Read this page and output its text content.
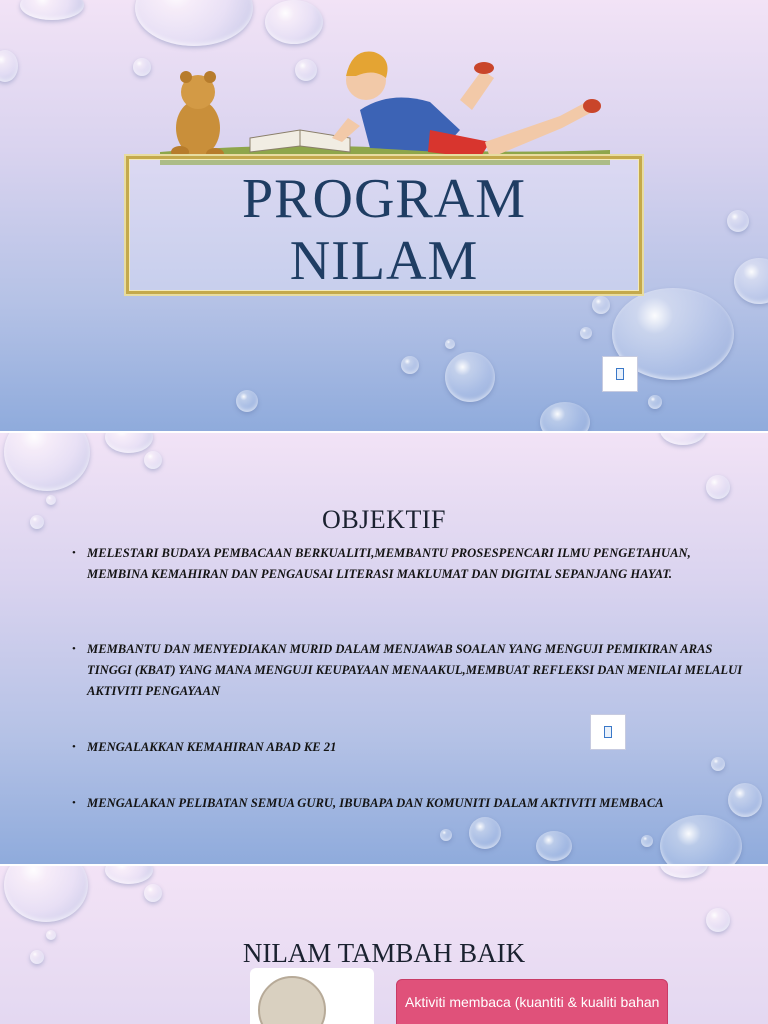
PROGRAM
NILAM
OBJEKTIF
• MELESTARI BUDAYA PEMBACAAN BERKUALITI,MEMBANTU PROSESPENCARI ILMU PENGETAHUAN, MEMBINA KEMAHIRAN DAN PENGAUSAI LITERASI MAKLUMAT DAN DIGITAL SEPANJANG HAYAT.
• MEMBANTU DAN MENYEDIAKAN MURID DALAM MENJAWAB SOALAN YANG MENGUJI PEMIKIRAN ARAS TINGGI (KBAT) YANG MANA MENGUJI KEUPAYAAN MENAAKUL,MEMBUAT REFLEKSI DAN MENILAI MELALUI AKTIVITI PENGAYAAN
• MENGALAKKAN KEMAHIRAN ABAD KE 21
• MENGALAKAN PELIBATAN SEMUA GURU, IBUBAPA DAN KOMUNITI DALAM AKTIVITI MEMBACA
NILAM TAMBAH BAIK
Aktiviti membaca (kuantiti & kualiti bahan
